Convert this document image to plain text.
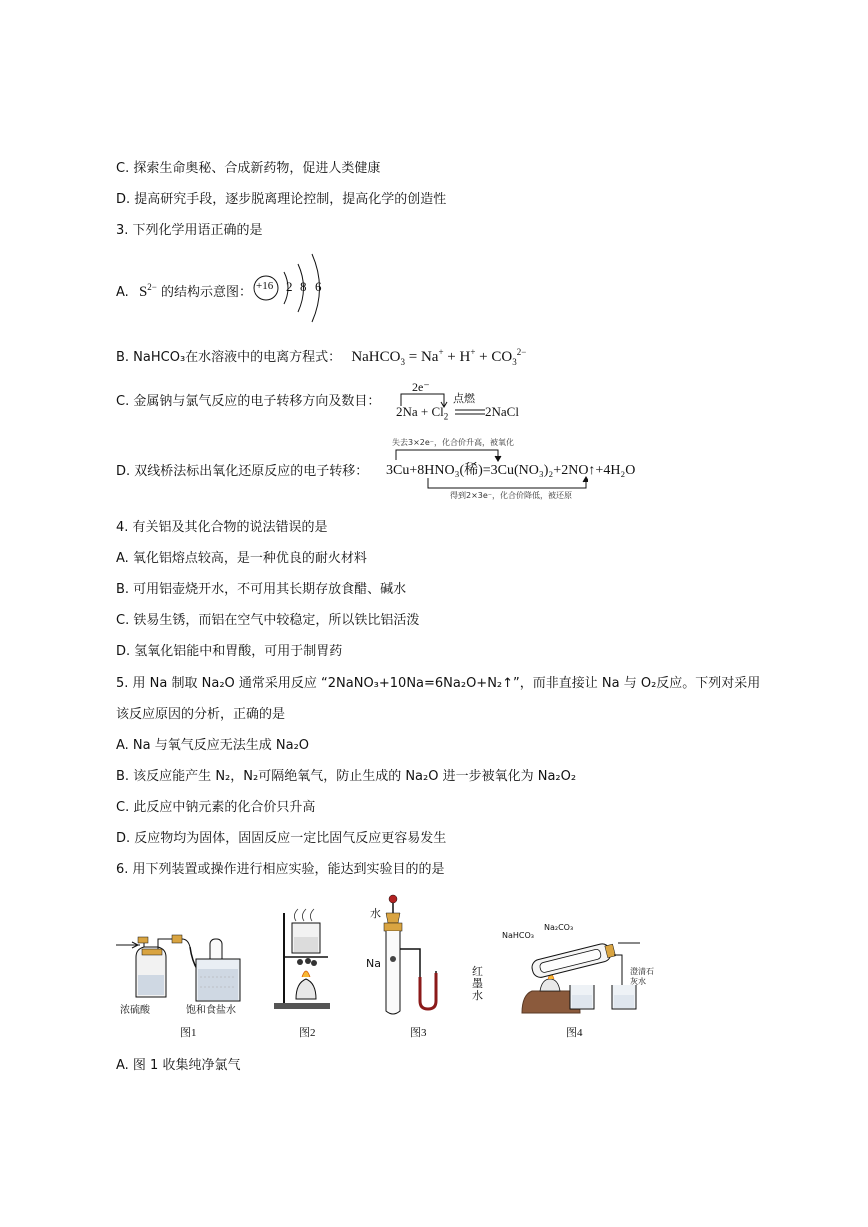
C. 探索生命奥秘、合成新药物，促进人类健康
D. 提高研究手段，逐步脱离理论控制，提高化学的创造性
3. 下列化学用语正确的是
A. $S^{2-}$ 的结构示意图： +16 2 8 6
B. NaHCO₃在水溶液中的电离方程式： NaHCO$_3$ = $Na^+ + H^+ + CO_3^{2-}$
C. 金属钠与氯气反应的电子转移方向及数目：
2e⁻
点燃
$2Na + Cl_2$	2NaCl
D. 双线桥法标出氧化还原反应的电子转移：
失去3×2e⁻，化合价升高，被氧化
3Cu+8HNO₃(稀)=3Cu(NO₃)₂+2NO↑+4H₂O
得到2×3e⁻，化合价降低，被还原
4. 有关铝及其化合物的说法错误的是
A. 氧化铝熔点较高，是一种优良的耐火材料
B. 可用铝壶烧开水，不可用其长期存放食醋、碱水
C. 铁易生锈，而铝在空气中较稳定，所以铁比铝活泼
D. 氢氧化铝能中和胃酸，可用于制胃药
5. 用 Na 制取 Na₂O 通常采用反应 “2NaNO₃+10Na=6Na₂O+N₂↑”，而非直接让 Na 与 O₂反应。下列对采用
该反应原因的分析，正确的是
A. Na 与氧气反应无法生成 Na₂O
B. 该反应能产生 N₂，N₂可隔绝氧气，防止生成的 Na₂O 进一步被氧化为 Na₂O₂
C. 此反应中钠元素的化合价只升高
D. 反应物均为固体，固固反应一定比固气反应更容易发生
6. 用下列装置或操作进行相应实验，能达到实验目的的是
浓硫酸	饱和食盐水
图1	图2
水
Na
红墨水
图3
NaHCO₃
Na₂CO₃
澄清石灰水
图4
A. 图 1 收集纯净氯气
